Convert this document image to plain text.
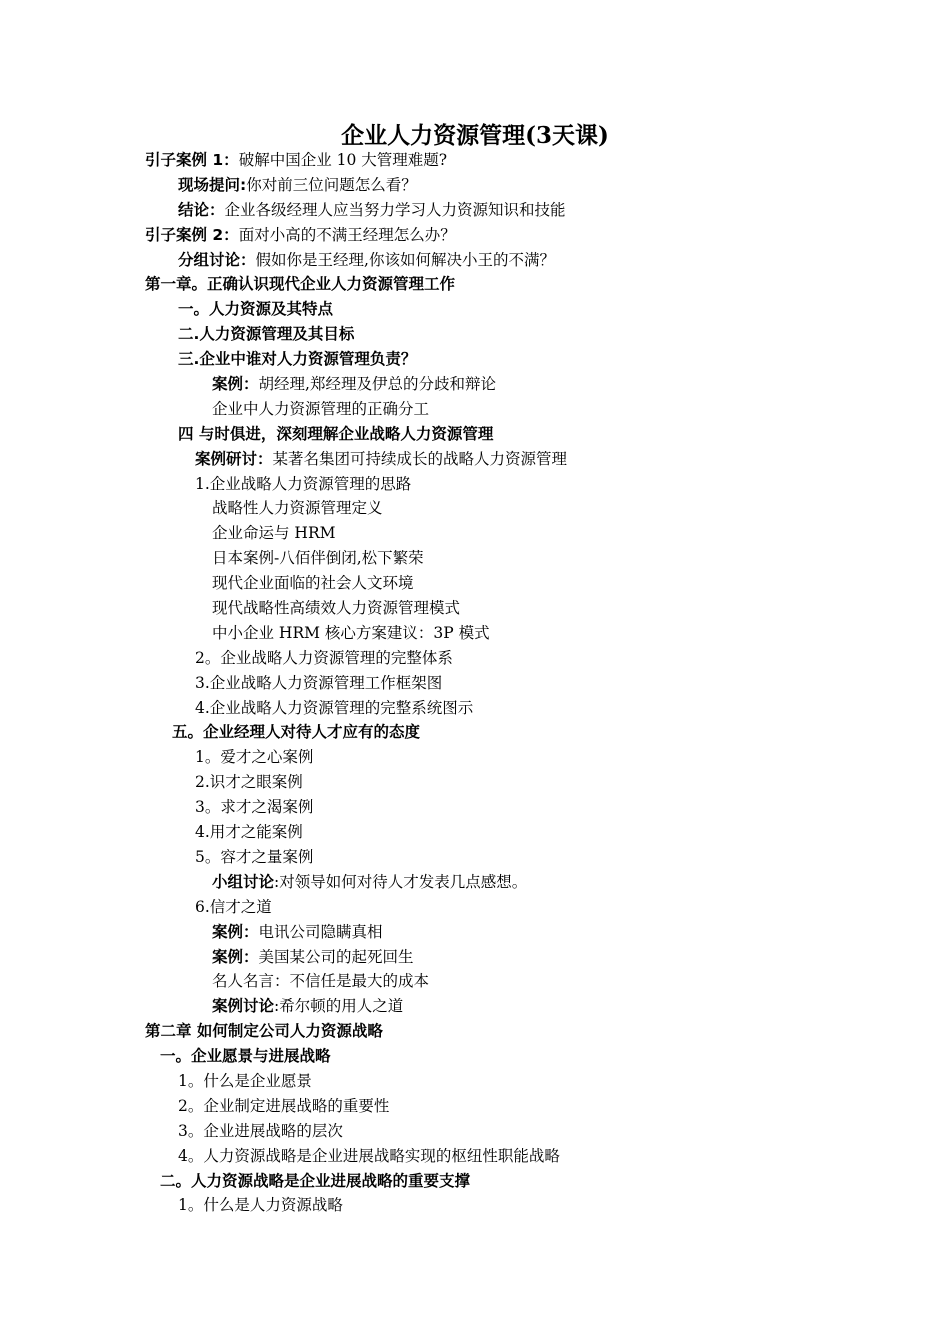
企业人力资源管理(3天课)
引子案例 1：破解中国企业 10 大管理难题?
现场提问:你对前三位问题怎么看？
结论：企业各级经理人应当努力学习人力资源知识和技能
引子案例 2：面对小高的不满王经理怎么办？
分组讨论：假如你是王经理,你该如何解决小王的不满？
第一章。正确认识现代企业人力资源管理工作
一。人力资源及其特点
二.人力资源管理及其目标
三.企业中谁对人力资源管理负责？
案例：胡经理,郑经理及伊总的分歧和辩论
企业中人力资源管理的正确分工
四 与时俱进，深刻理解企业战略人力资源管理
案例研讨：某著名集团可持续成长的战略人力资源管理
1.企业战略人力资源管理的思路
战略性人力资源管理定义
企业命运与 HRM
日本案例-八佰伴倒闭,松下繁荣
现代企业面临的社会人文环境
现代战略性高绩效人力资源管理模式
中小企业 HRM 核心方案建议：3P 模式
2。企业战略人力资源管理的完整体系
3.企业战略人力资源管理工作框架图
4.企业战略人力资源管理的完整系统图示
五。企业经理人对待人才应有的态度
1。爱才之心案例
2.识才之眼案例
3。求才之渴案例
4.用才之能案例
5。容才之量案例
小组讨论:对领导如何对待人才发表几点感想。
6.信才之道
案例：电讯公司隐瞒真相
案例：美国某公司的起死回生
名人名言：不信任是最大的成本
案例讨论:希尔顿的用人之道
第二章 如何制定公司人力资源战略
一。企业愿景与进展战略
1。什么是企业愿景
2。企业制定进展战略的重要性
3。企业进展战略的层次
4。人力资源战略是企业进展战略实现的枢纽性职能战略
二。人力资源战略是企业进展战略的重要支撑
1。什么是人力资源战略
